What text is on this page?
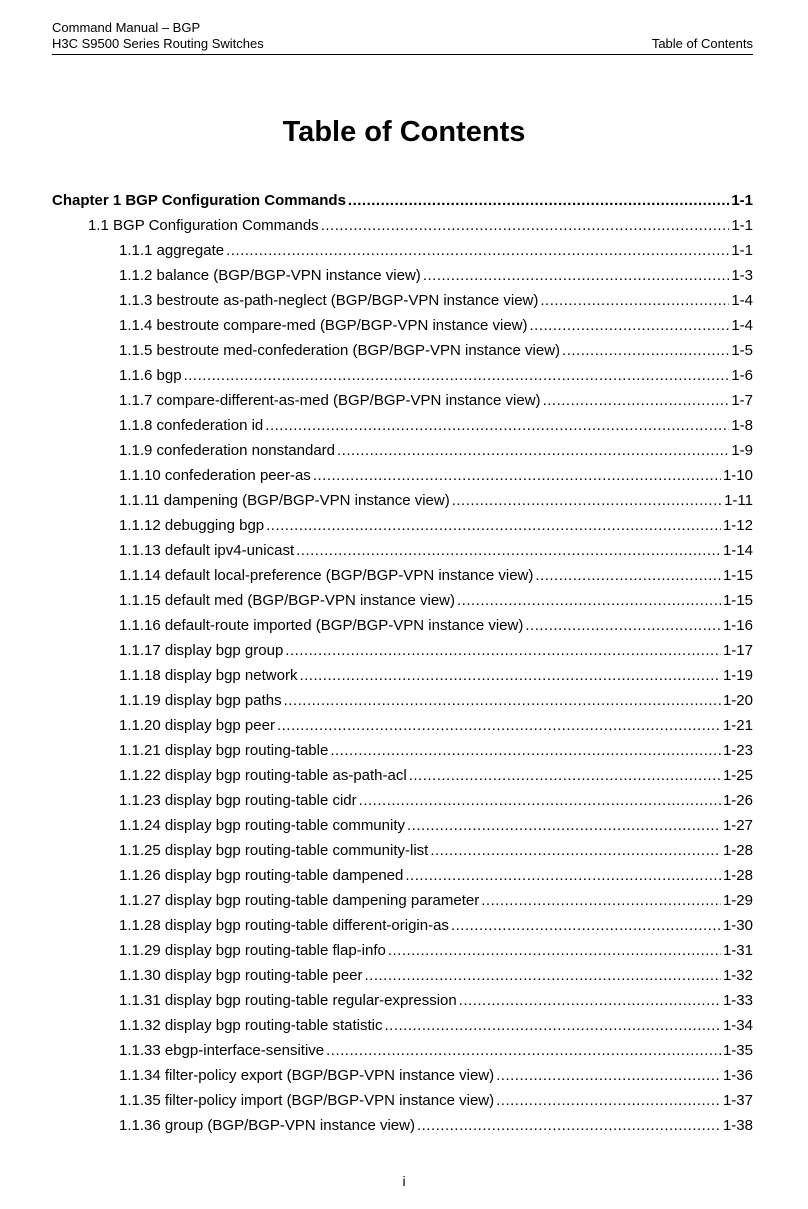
Command Manual – BGP
H3C S9500 Series Routing Switches	Table of Contents
Table of Contents
Chapter 1 BGP Configuration Commands .....	1-1
1.1 BGP Configuration Commands .....	1-1
1.1.1 aggregate .....	1-1
1.1.2 balance (BGP/BGP-VPN instance view) .....	1-3
1.1.3 bestroute as-path-neglect (BGP/BGP-VPN instance view) .....	1-4
1.1.4 bestroute compare-med (BGP/BGP-VPN instance view) .....	1-4
1.1.5 bestroute med-confederation (BGP/BGP-VPN instance view) .....	1-5
1.1.6 bgp .....	1-6
1.1.7 compare-different-as-med (BGP/BGP-VPN instance view) .....	1-7
1.1.8 confederation id .....	1-8
1.1.9 confederation nonstandard .....	1-9
1.1.10 confederation peer-as .....	1-10
1.1.11 dampening (BGP/BGP-VPN instance view) .....	1-11
1.1.12 debugging bgp .....	1-12
1.1.13 default ipv4-unicast .....	1-14
1.1.14 default local-preference (BGP/BGP-VPN instance view) .....	1-15
1.1.15 default med (BGP/BGP-VPN instance view) .....	1-15
1.1.16 default-route imported (BGP/BGP-VPN instance view) .....	1-16
1.1.17 display bgp group .....	1-17
1.1.18 display bgp network .....	1-19
1.1.19 display bgp paths .....	1-20
1.1.20 display bgp peer .....	1-21
1.1.21 display bgp routing-table .....	1-23
1.1.22 display bgp routing-table as-path-acl .....	1-25
1.1.23 display bgp routing-table cidr .....	1-26
1.1.24 display bgp routing-table community .....	1-27
1.1.25 display bgp routing-table community-list .....	1-28
1.1.26 display bgp routing-table dampened .....	1-28
1.1.27 display bgp routing-table dampening parameter .....	1-29
1.1.28 display bgp routing-table different-origin-as .....	1-30
1.1.29 display bgp routing-table flap-info .....	1-31
1.1.30 display bgp routing-table peer .....	1-32
1.1.31 display bgp routing-table regular-expression .....	1-33
1.1.32 display bgp routing-table statistic .....	1-34
1.1.33 ebgp-interface-sensitive .....	1-35
1.1.34 filter-policy export (BGP/BGP-VPN instance view) .....	1-36
1.1.35 filter-policy import (BGP/BGP-VPN instance view) .....	1-37
1.1.36 group (BGP/BGP-VPN instance view) .....	1-38
i
